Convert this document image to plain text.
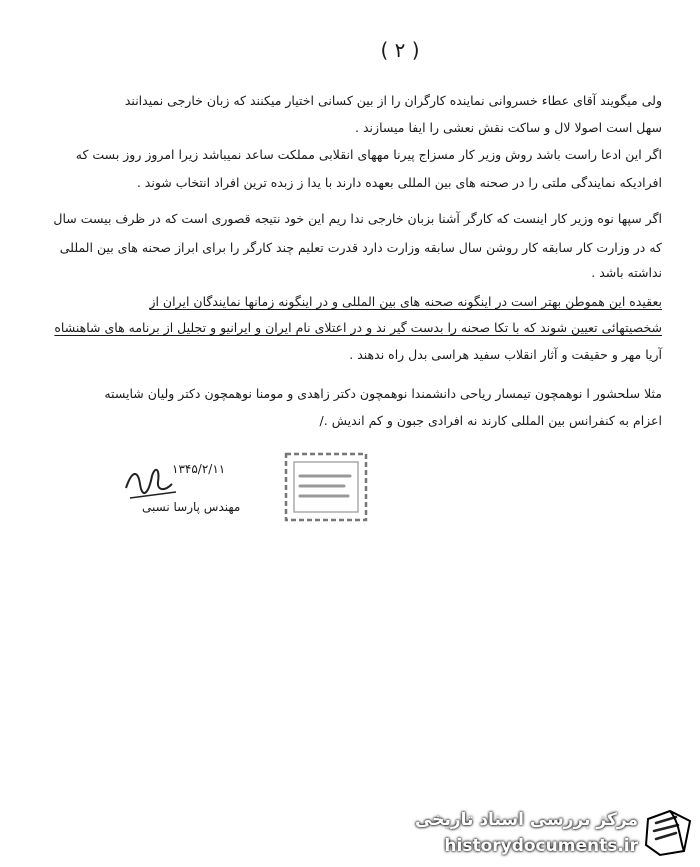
( ۲ )
ولی میگویند آقای عطاء خسروانی نماینده کارگران را از بین کسانی اختیار میکنند که زبان خارجی نمیدانند
سهل است اصولا لال و ساکت نقش نعشی را ایفا میسازند .
اگر این ادعا راست باشد روش وزیر کار مسزاج پیرنا مههای انقلابی مملکت ساعد نمیباشد زیرا امروز روز بست که
افرادیکه نمایندگی ملتی را در صحنه های بین المللی بعهده دارند با یدا ز زبده ترین افراد انتخاب شوند .
اگر سپها نوه وزیر کار اینست که کارگر آشنا بزبان خارجی ندا ریم این خود نتیجه قصوری است که در ظرف بیست سال
که در وزارت کار سابقه کار روشن سال سابقه وزارت دارد قدرت تعلیم چند کارگر را برای ابراز صحنه های بین المللی
نداشته باشد .
بعقیده این هموطن بهتر است در اینگونه صحنه های بین المللی و در اینگونه زمانها نمایندگان ایران از
شخصیتهائی تعیین شوند که با تکا صحنه را بدست گیر ند و در اعتلای نام ایران و ایرانیو و تجلیل از برنامه های شاهنشاه
آریا مهر و حقیقت و آثار انقلاب سفید هراسی بدل راه ندهند .
مثلا سلحشور ا نوهمچون تیمسار ریاحی دانشمندا نوهمچون دکتر زاهدی و مومنا نوهمچون دکتر ولیان شایسته
اعزام به کنفرانس بین المللی کارند نه افرادی جبون و کم اندیش ./
۱۳۴۵/۲/۱۱
مهندس پارسا نسبی
مرکز بررسی اسناد تاریخی
historydocuments.ir
